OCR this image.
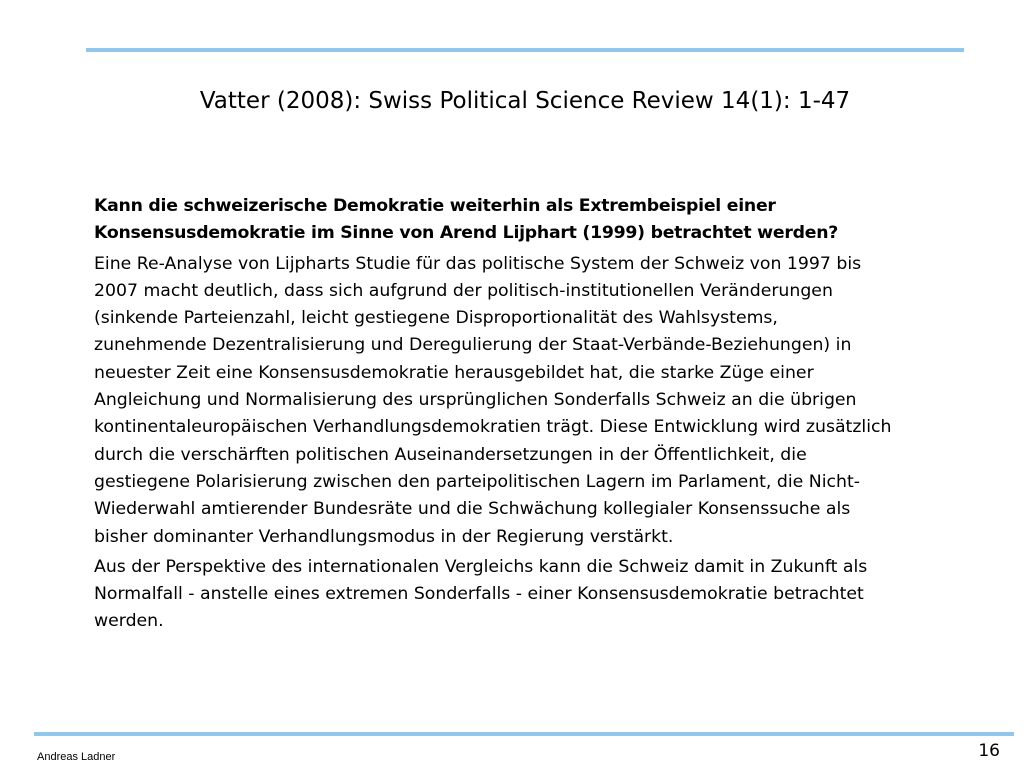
Vatter (2008): Swiss Political Science Review 14(1): 1-47

Kann die schweizerische Demokratie weiterhin als Extrembeispiel einer

Konsensusdemokratie im Sinne von Arend Lijphart (1999) betrachtet werden?

Eine Re-Analyse von Lijpharts Studie für das politische System der Schweiz von 1997 bis

2007 macht deutlich, dass sich aufgrund der politisch-institutionellen Veränderungen

(sinkende Parteienzahl, leicht gestiegene Disproportionalität des Wahlsystems,

zunehmende Dezentralisierung und Deregulierung der Staat-Verbände-Beziehungen) in

neuester Zeit eine Konsensusdemokratie herausgebildet hat, die starke Züge einer

Angleichung und Normalisierung des ursprünglichen Sonderfalls Schweiz an die übrigen

kontinentaleuropäischen Verhandlungsdemokratien trägt. Diese Entwicklung wird zusätzlich

durch die verschärften politischen Auseinandersetzungen in der Öffentlichkeit, die

gestiegene Polarisierung zwischen den parteipolitischen Lagern im Parlament, die Nicht-

Wiederwahl amtierender Bundesräte und die Schwächung kollegialer Konsenssuche als

bisher dominanter Verhandlungsmodus in der Regierung verstärkt.

Aus der Perspektive des internationalen Vergleichs kann die Schweiz damit in Zukunft als

Normalfall - anstelle eines extremen Sonderfalls - einer Konsensusdemokratie betrachtet

werden.

Andreas Ladner	16
